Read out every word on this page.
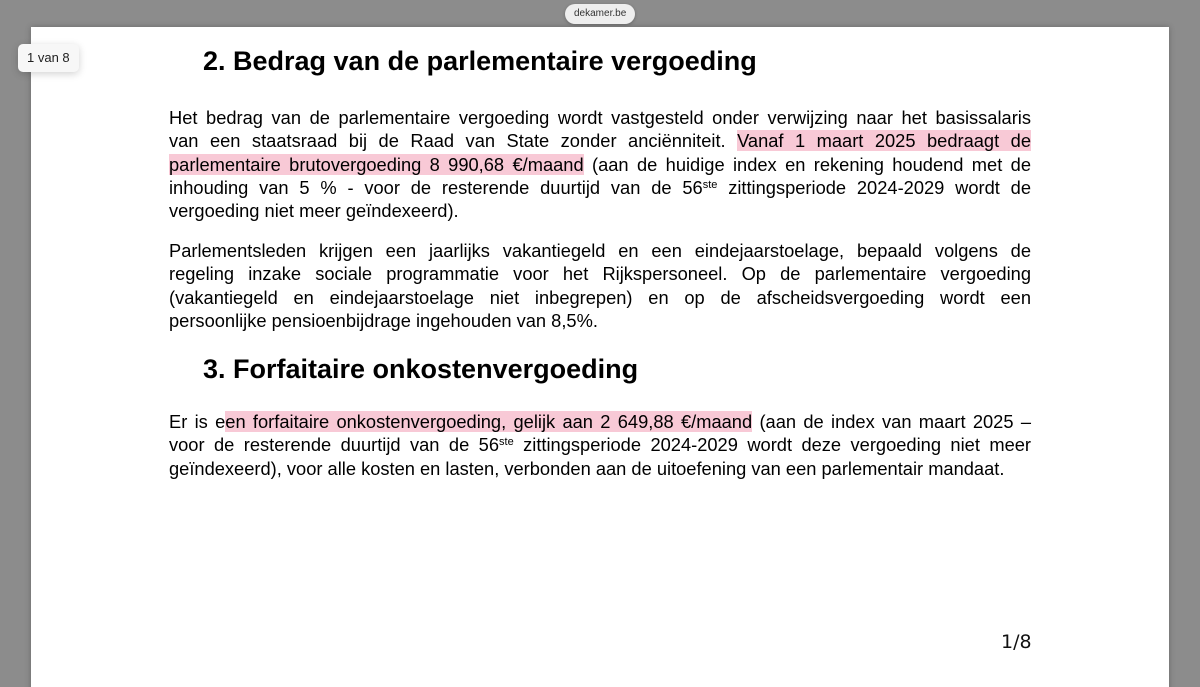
2. Bedrag van de parlementaire vergoeding
Het bedrag van de parlementaire vergoeding wordt vastgesteld onder verwijzing naar het basissalaris
van een staatsraad bij de Raad van State zonder anciënniteit. Vanaf 1 maart 2025 bedraagt de
parlementaire brutovergoeding 8 990,68 €/maand (aan de huidige index en rekening houdend met de
inhouding van 5 % - voor de resterende duurtijd van de 56ste zittingsperiode 2024-2029 wordt de
vergoeding niet meer geïndexeerd).
Parlementsleden krijgen een jaarlijks vakantiegeld en een eindejaarstoelage, bepaald volgens de
regeling inzake sociale programmatie voor het Rijkspersoneel. Op de parlementaire vergoeding
(vakantiegeld en eindejaarstoelage niet inbegrepen) en op de afscheidsvergoeding wordt een
persoonlijke pensioenbijdrage ingehouden van 8,5%.
3. Forfaitaire onkostenvergoeding
Er is een forfaitaire onkostenvergoeding, gelijk aan 2 649,88 €/maand (aan de index van maart 2025 –
voor de resterende duurtijd van de 56ste zittingsperiode 2024-2029 wordt deze vergoeding niet meer
geïndexeerd), voor alle kosten en lasten, verbonden aan de uitoefening van een parlementair mandaat.
1/8
dekamer.be
1 van 8
